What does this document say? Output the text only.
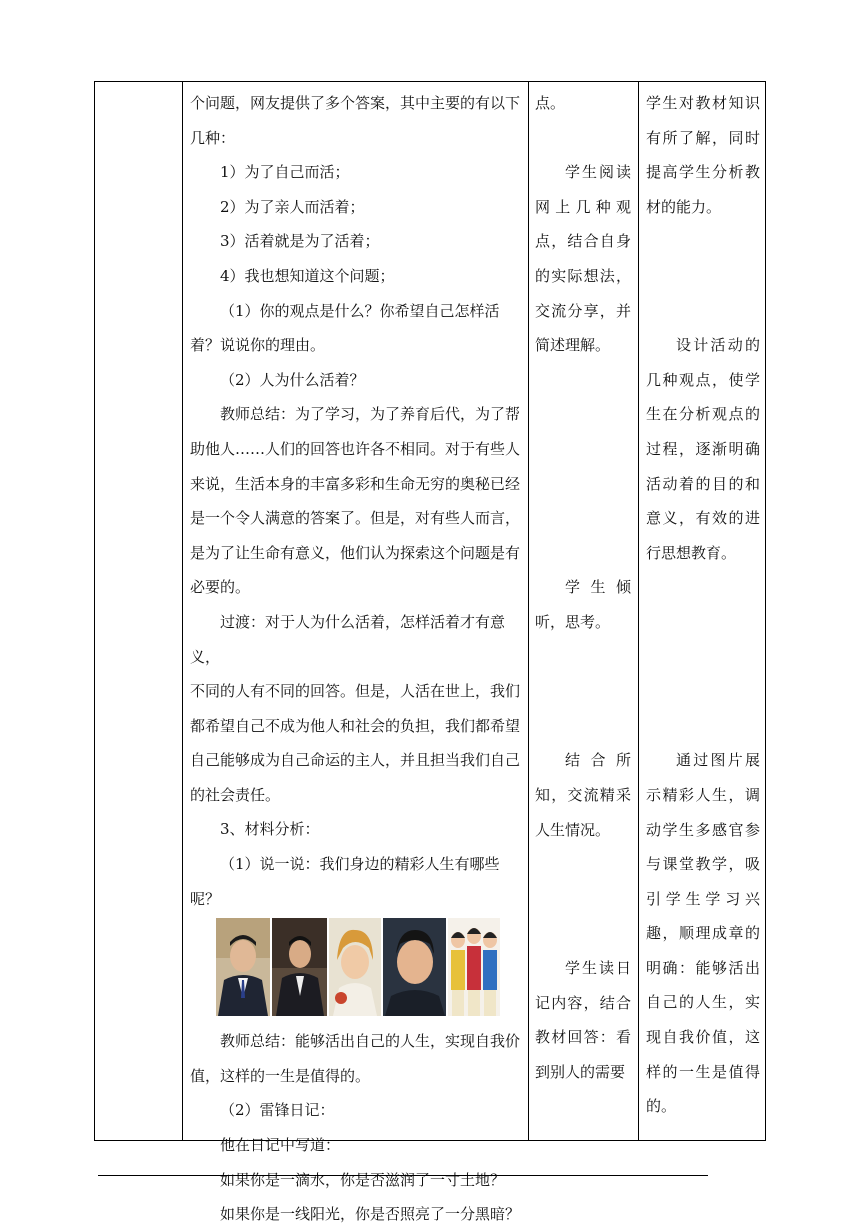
个问题，网友提供了多个答案，其中主要的有以下

几种：

1）为了自己而活；

2）为了亲人而活着；

3）活着就是为了活着；

4）我也想知道这个问题；

（1）你的观点是什么？你希望自己怎样活

着？说说你的理由。

（2）人为什么活着？

教师总结：为了学习，为了养育后代，为了帮

助他人……人们的回答也许各不相同。对于有些人

来说，生活本身的丰富多彩和生命无穷的奥秘已经

是一个令人满意的答案了。但是，对有些人而言，

是为了让生命有意义，他们认为探索这个问题是有

必要的。

过渡：对于人为什么活着，怎样活着才有意义，

不同的人有不同的回答。但是，人活在世上，我们

都希望自己不成为他人和社会的负担，我们都希望

自己能够成为自己命运的主人，并且担当我们自己

的社会责任。

3、材料分析：

（1）说一说：我们身边的精彩人生有哪些呢？

教师总结：能够活出自己的人生，实现自我价

值，这样的一生是值得的。

（2）雷锋日记：

他在日记中写道：

如果你是一滴水，你是否滋润了一寸土地？

如果你是一线阳光，你是否照亮了一分黑暗？

点。

学生阅读网上几种观点，结合自身的实际想法，交流分享，并简述理解。

学生倾听，思考。

结合所知，交流精采人生情况。

学生读日记内容，结合教材回答：看到别人的需要

学生对教材知识有所了解，同时提高学生分析教材的能力。

设计活动的几种观点，使学生在分析观点的过程，逐渐明确活动着的目的和意义，有效的进行思想教育。

通过图片展示精彩人生，调动学生多感官参与课堂教学，吸引学生学习兴趣，顺理成章的明确：能够活出自己的人生，实现自我价值，这样的一生是值得的。
